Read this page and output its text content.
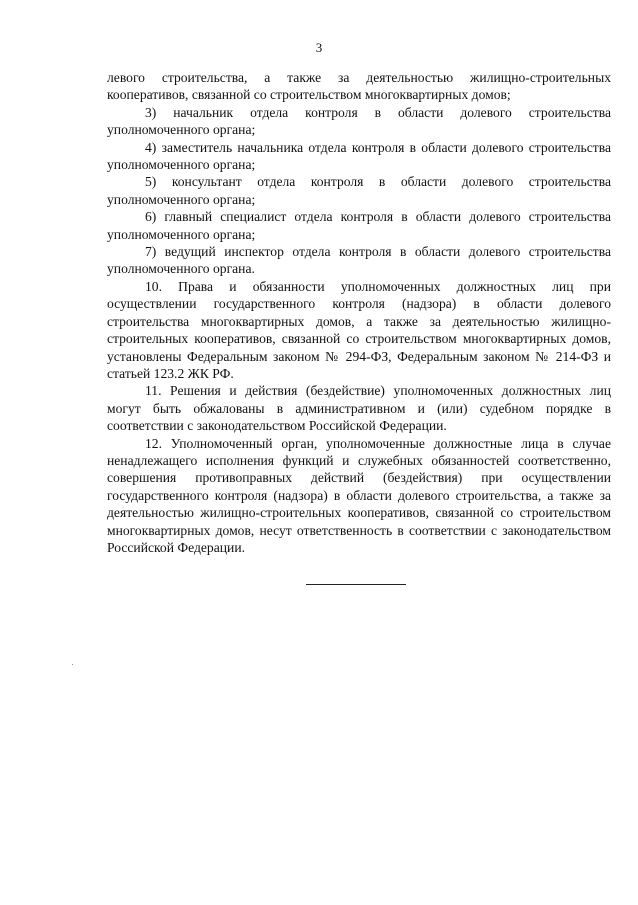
3

левого строительства, а также за деятельностью жилищно-строительных кооперативов, связанной со строительством многоквартирных домов;

3) начальник отдела контроля в области долевого строительства уполномоченного органа;

4) заместитель начальника отдела контроля в области долевого строительства уполномоченного органа;

5) консультант отдела контроля в области долевого строительства уполномоченного органа;

6) главный специалист отдела контроля в области долевого строительства уполномоченного органа;

7) ведущий инспектор отдела контроля в области долевого строительства уполномоченного органа.

10. Права и обязанности уполномоченных должностных лиц при осуществлении государственного контроля (надзора) в области долевого строительства многоквартирных домов, а также за деятельностью жилищно-строительных кооперативов, связанной со строительством многоквартирных домов, установлены Федеральным законом № 294-ФЗ, Федеральным законом № 214-ФЗ и статьей 123.2 ЖК РФ.

11. Решения и действия (бездействие) уполномоченных должностных лиц могут быть обжалованы в административном и (или) судебном порядке в соответствии с законодательством Российской Федерации.

12. Уполномоченный орган, уполномоченные должностные лица в случае ненадлежащего исполнения функций и служебных обязанностей соответственно, совершения противоправных действий (бездействия) при осуществлении государственного контроля (надзора) в области долевого строительства, а также за деятельностью жилищно-строительных кооперативов, связанной со строительством многоквартирных домов, несут ответственность в соответствии с законодательством Российской Федерации.
